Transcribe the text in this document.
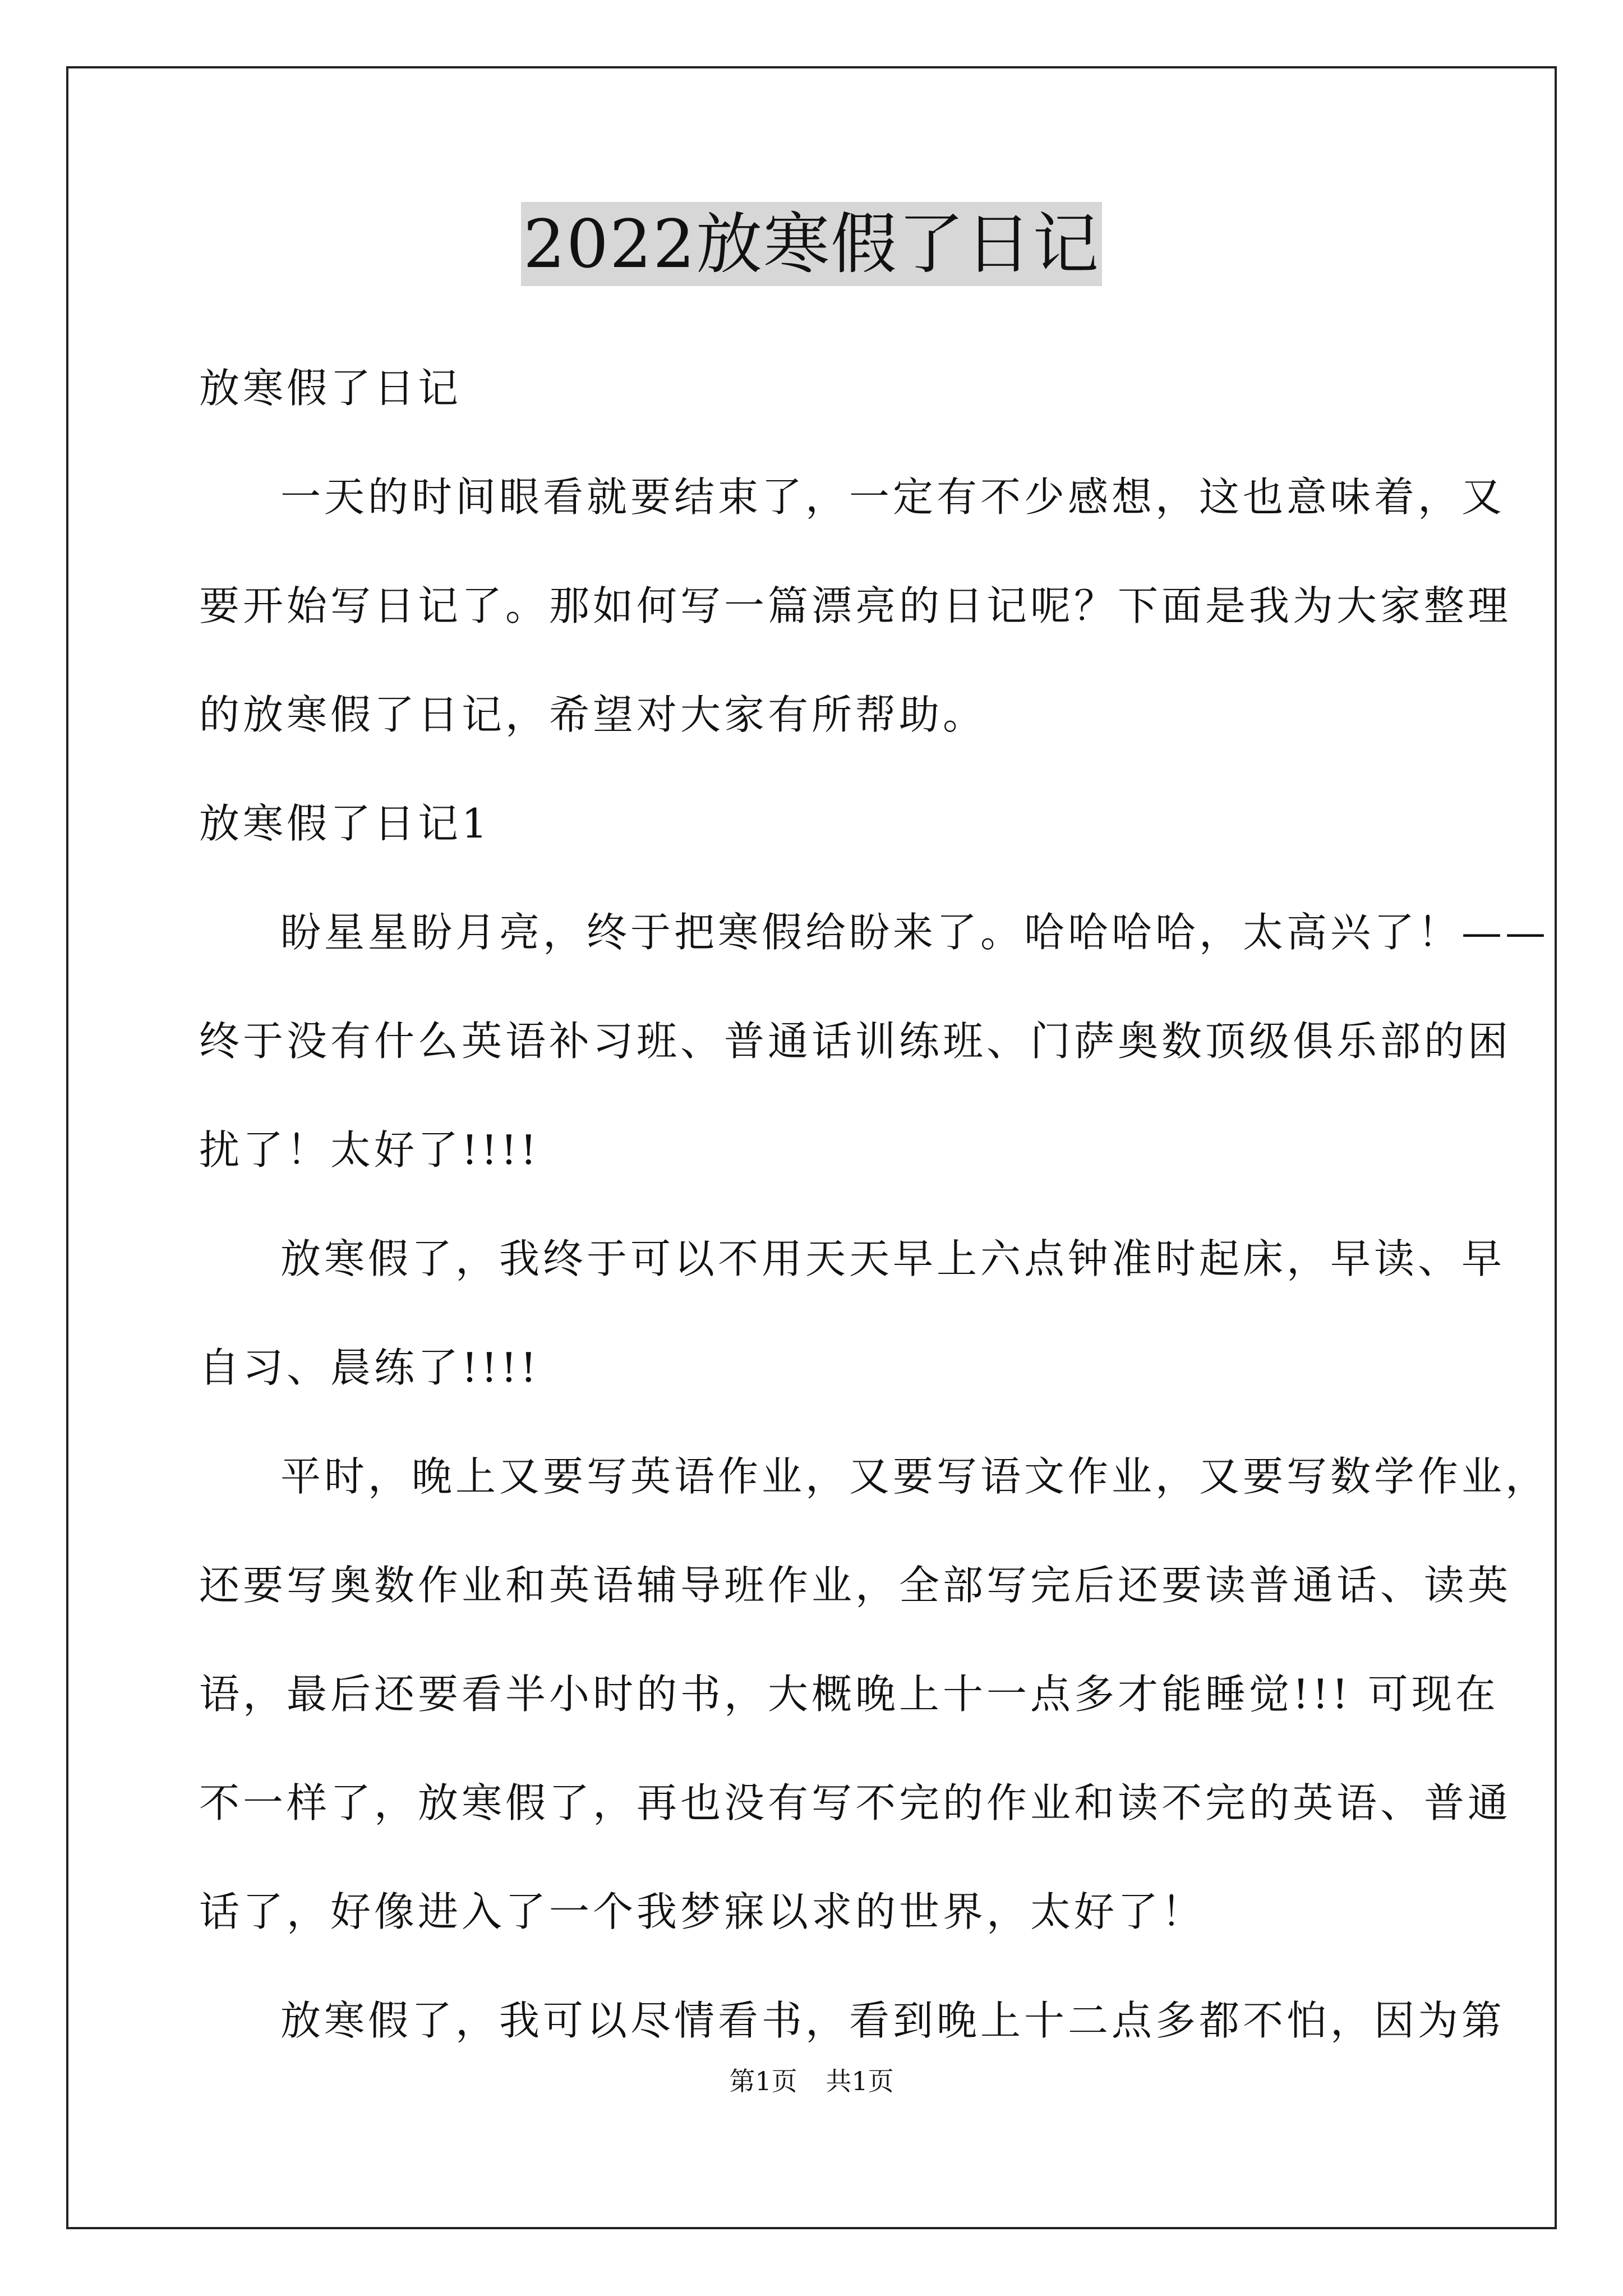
2022放寒假了日记
放寒假了日记
一天的时间眼看就要结束了，一定有不少感想，这也意味着，又
要开始写日记了。那如何写一篇漂亮的日记呢？下面是我为大家整理
的放寒假了日记，希望对大家有所帮助。
放寒假了日记1
盼星星盼月亮，终于把寒假给盼来了。哈哈哈哈，太高兴了！——
终于没有什么英语补习班、普通话训练班、门萨奥数顶级俱乐部的困
扰了！太好了!!!!
放寒假了，我终于可以不用天天早上六点钟准时起床，早读、早
自习、晨练了!!!!
平时，晚上又要写英语作业，又要写语文作业，又要写数学作业，
还要写奥数作业和英语辅导班作业，全部写完后还要读普通话、读英
语，最后还要看半小时的书，大概晚上十一点多才能睡觉!!! 可现在
不一样了，放寒假了，再也没有写不完的作业和读不完的英语、普通
话了，好像进入了一个我梦寐以求的世界，太好了！
放寒假了，我可以尽情看书，看到晚上十二点多都不怕，因为第
第1页 共1页
